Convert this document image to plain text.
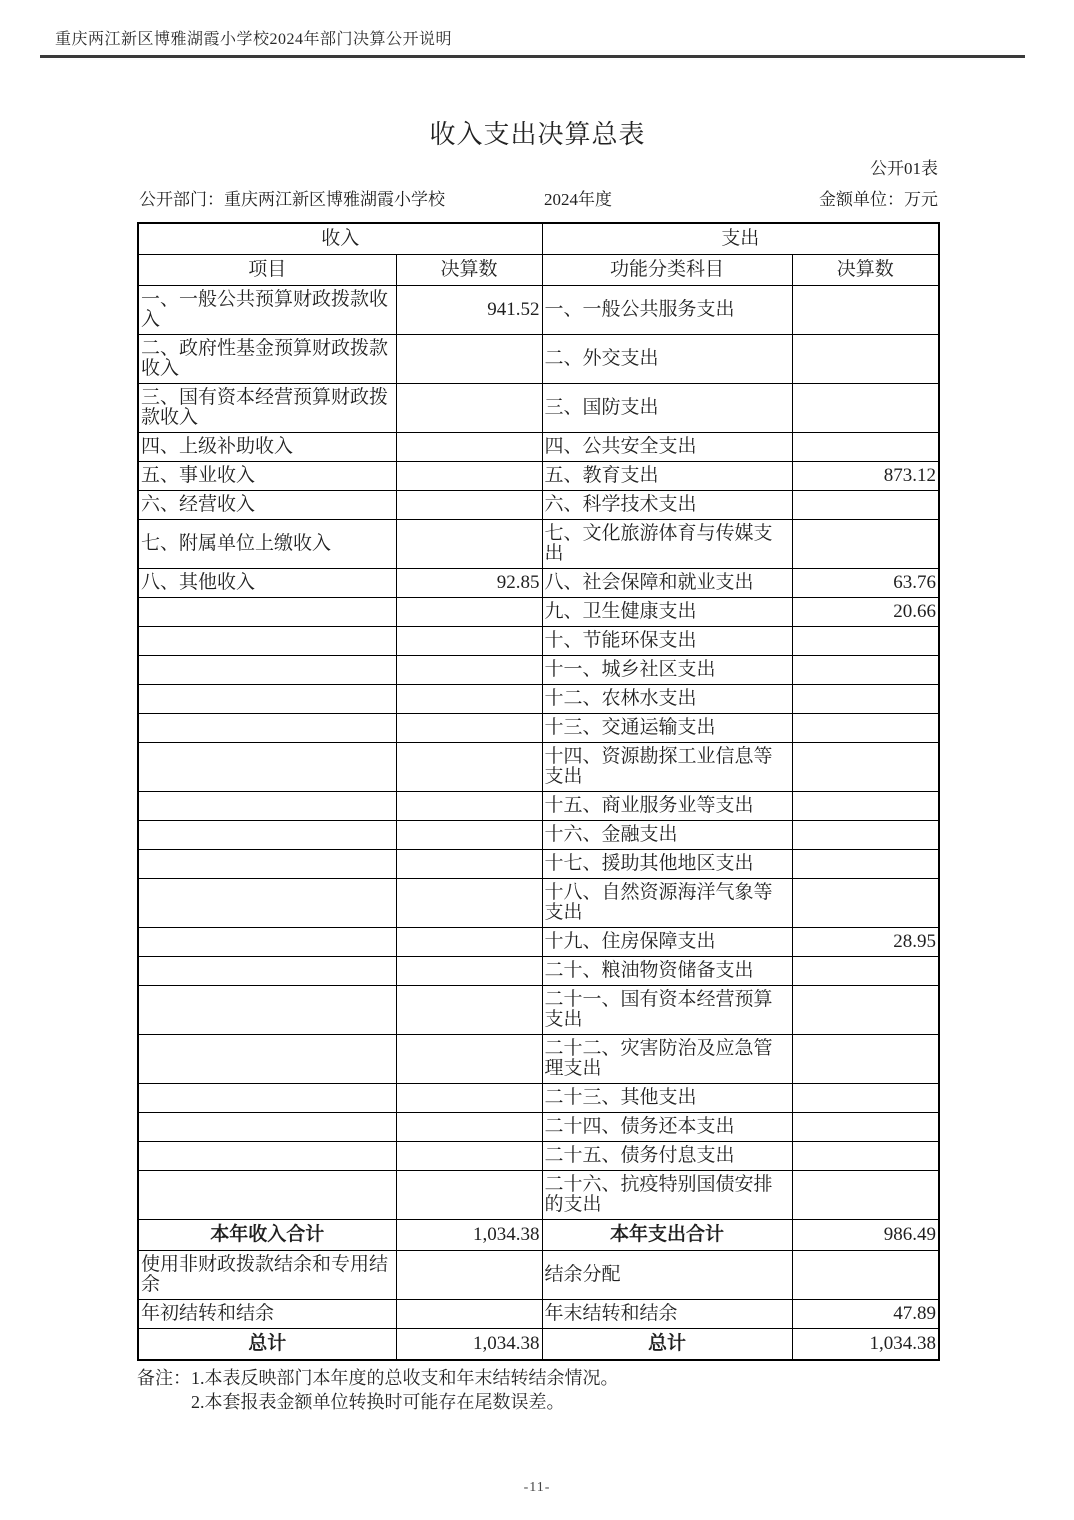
重庆两江新区博雅湖霞小学校2024年部门决算公开说明
收入支出决算总表
公开01表
公开部门：重庆两江新区博雅湖霞小学校	2024年度	金额单位：万元
收入		支出	
项目	决算数	功能分类科目	决算数
一、一般公共预算财政拨款收入	941.52	一、一般公共服务支出	
二、政府性基金预算财政拨款收入		二、外交支出	
三、国有资本经营预算财政拨款收入		三、国防支出	
四、上级补助收入		四、公共安全支出	
五、事业收入		五、教育支出	873.12
六、经营收入		六、科学技术支出	
七、附属单位上缴收入		七、文化旅游体育与传媒支出	
八、其他收入	92.85	八、社会保障和就业支出	63.76
		九、卫生健康支出	20.66
		十、节能环保支出	
		十一、城乡社区支出	
		十二、农林水支出	
		十三、交通运输支出	
		十四、资源勘探工业信息等支出	
		十五、商业服务业等支出	
		十六、金融支出	
		十七、援助其他地区支出	
		十八、自然资源海洋气象等支出	
		十九、住房保障支出	28.95
		二十、粮油物资储备支出	
		二十一、国有资本经营预算支出	
		二十二、灾害防治及应急管理支出	
		二十三、其他支出	
		二十四、债务还本支出	
		二十五、债务付息支出	
		二十六、抗疫特别国债安排的支出	
本年收入合计	1,034.38	本年支出合计	986.49
使用非财政拨款结余和专用结余		结余分配	
年初结转和结余		年末结转和结余	47.89
总计	1,034.38	总计	1,034.38
备注：1.本表反映部门本年度的总收支和年末结转结余情况。
2.本套报表金额单位转换时可能存在尾数误差。
-11-
